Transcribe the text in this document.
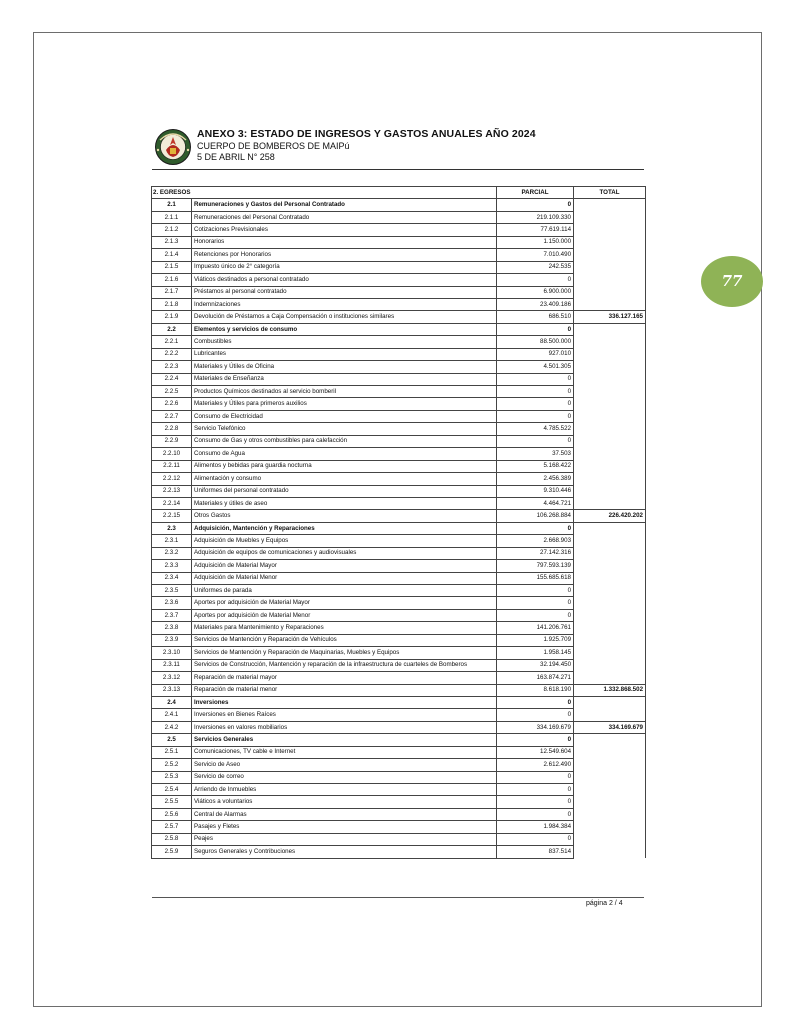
ANEXO 3: ESTADO DE INGRESOS Y GASTOS ANUALES AÑO 2024
CUERPO DE BOMBEROS DE MAIPú
5 DE ABRIL N° 258
77
2. EGRESOS		PARCIAL	TOTAL
2.1	Remuneraciones y Gastos del Personal Contratado	0	
2.1.1	Remuneraciones del Personal Contratado	219.109.330	
2.1.2	Cotizaciones Previsionales	77.619.114	
2.1.3	Honorarios	1.150.000	
2.1.4	Retenciones por Honorarios	7.010.490	
2.1.5	Impuesto único de 2° categoría	242.535	
2.1.6	Viáticos destinados a personal contratado	0	
2.1.7	Préstamos al personal contratado	6.900.000	
2.1.8	Indemnizaciones	23.409.186	
2.1.9	Devolución de Préstamos a Caja Compensación o instituciones similares	686.510	336.127.165
2.2	Elementos y servicios de consumo	0	
2.2.1	Combustibles	88.500.000	
2.2.2	Lubricantes	927.010	
2.2.3	Materiales y Útiles de Oficina	4.501.305	
2.2.4	Materiales de Enseñanza	0	
2.2.5	Productos Químicos destinados al servicio bomberil	0	
2.2.6	Materiales y Útiles para primeros auxilios	0	
2.2.7	Consumo de Electricidad	0	
2.2.8	Servicio Telefónico	4.785.522	
2.2.9	Consumo de Gas y otros combustibles para calefacción	0	
2.2.10	Consumo de Agua	37.503	
2.2.11	Alimentos y bebidas para guardia nocturna	5.168.422	
2.2.12	Alimentación y consumo	2.456.389	
2.2.13	Uniformes del personal contratado	9.310.446	
2.2.14	Materiales y útiles de aseo	4.464.721	
2.2.15	Otros Gastos	106.268.884	226.420.202
2.3	Adquisición, Mantención y Reparaciones	0	
2.3.1	Adquisición de Muebles y Equipos	2.668.903	
2.3.2	Adquisición de equipos de comunicaciones y audiovisuales	27.142.316	
2.3.3	Adquisición de Material Mayor	797.593.139	
2.3.4	Adquisición de Material Menor	155.685.618	
2.3.5	Uniformes de parada	0	
2.3.6	Aportes por adquisición de Material Mayor	0	
2.3.7	Aportes por adquisición de Material Menor	0	
2.3.8	Materiales para Mantenimiento y Reparaciones	141.206.761	
2.3.9	Servicios de Mantención y Reparación de Vehículos	1.925.709	
2.3.10	Servicios de Mantención y Reparación de Maquinarias, Muebles y Equipos	1.958.145	
2.3.11	Servicios de Construcción, Mantención y reparación de la infraestructura de cuarteles de Bomberos	32.194.450	
2.3.12	Reparación de material mayor	163.874.271	
2.3.13	Reparación de material menor	8.618.190	1.332.868.502
2.4	Inversiones	0	
2.4.1	Inversiones en Bienes Raíces	0	
2.4.2	Inversiones en valores mobiliarios	334.169.679	334.169.679
2.5	Servicios Generales	0	
2.5.1	Comunicaciones, TV cable e Internet	12.549.604	
2.5.2	Servicio de Aseo	2.612.490	
2.5.3	Servicio de correo	0	
2.5.4	Arriendo de Inmuebles	0	
2.5.5	Viáticos a voluntarios	0	
2.5.6	Central de Alarmas	0	
2.5.7	Pasajes y Fletes	1.984.384	
2.5.8	Peajes	0	
2.5.9	Seguros Generales y Contribuciones	837.514	
página 2 / 4
